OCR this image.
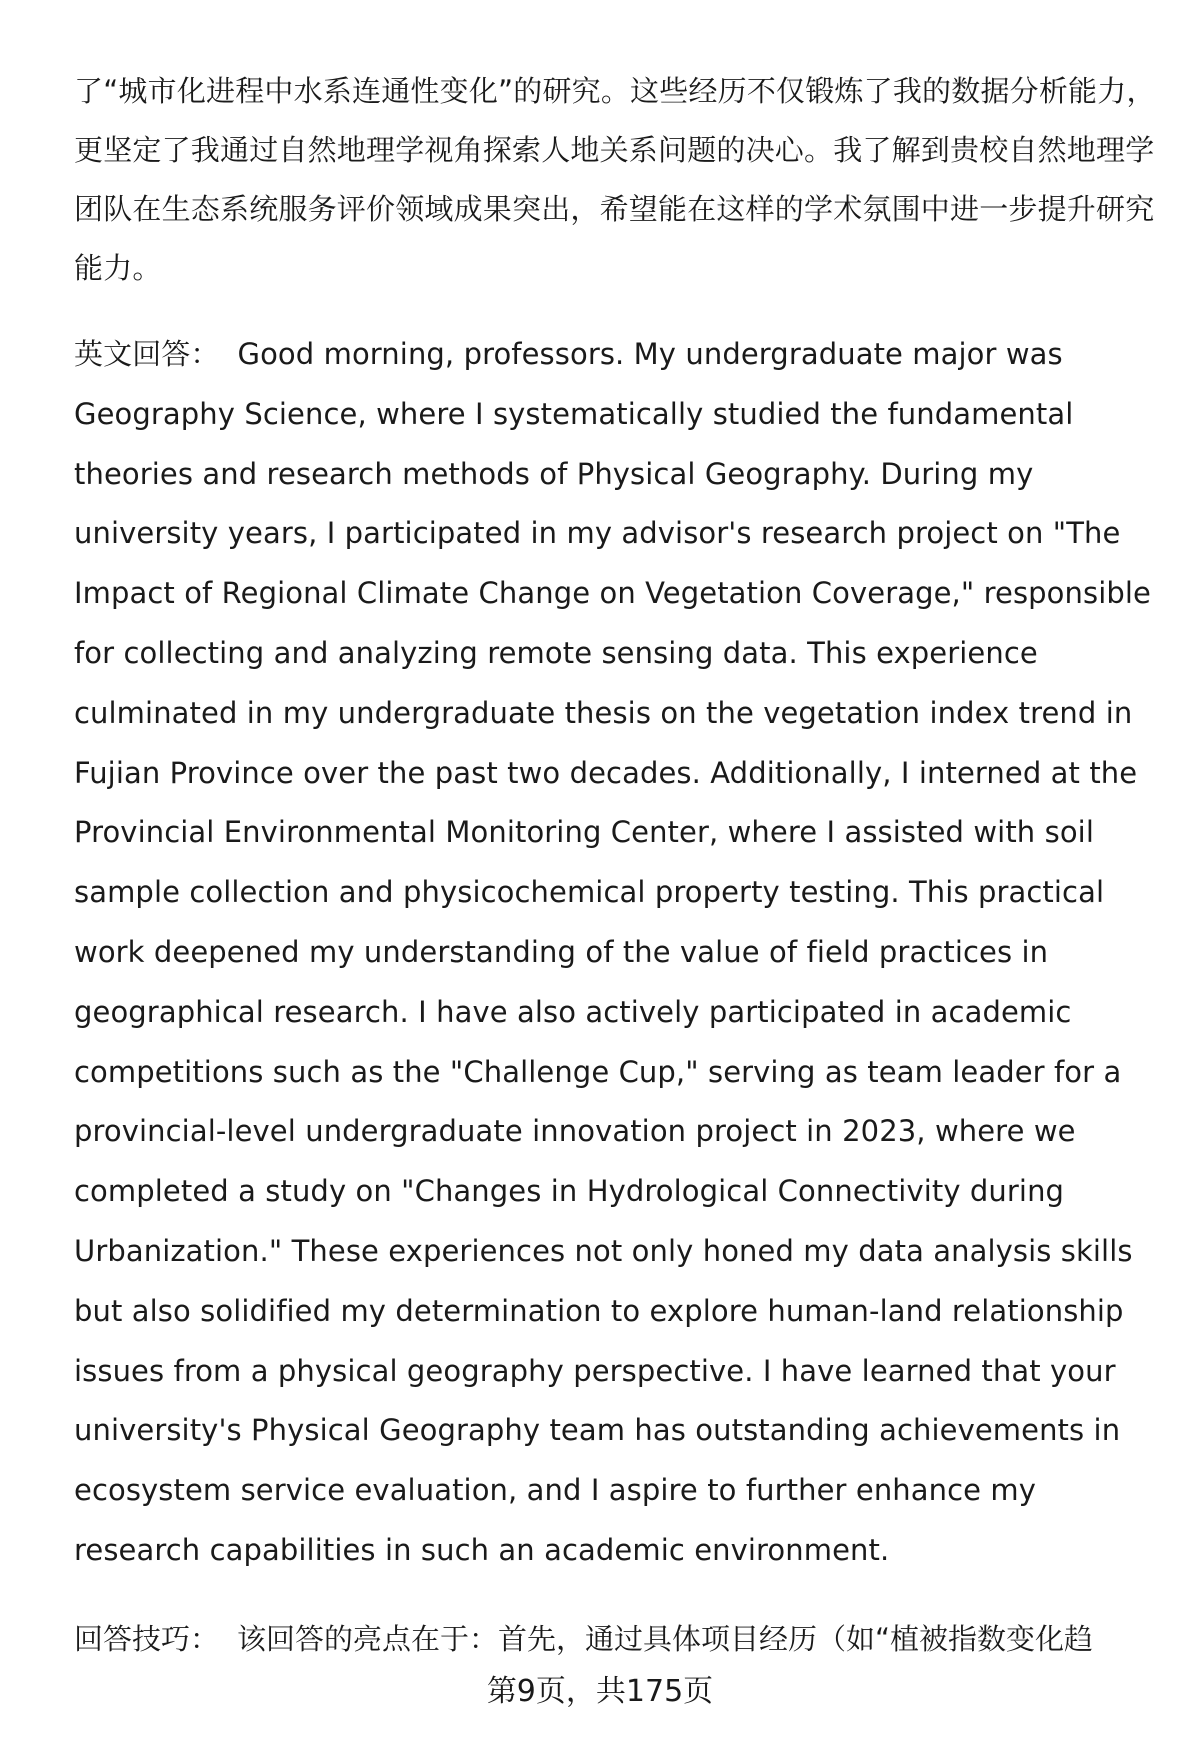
了“城市化进程中水系连通性变化”的研究。这些经历不仅锻炼了我的数据分析能力，更坚定了我通过自然地理学视角探索人地关系问题的决心。我了解到贵校自然地理学团队在生态系统服务评价领域成果突出，希望能在这样的学术氛围中进一步提升研究能力。

英文回答： Good morning, professors. My undergraduate major was Geography Science, where I systematically studied the fundamental theories and research methods of Physical Geography. During my university years, I participated in my advisor's research project on "The Impact of Regional Climate Change on Vegetation Coverage," responsible for collecting and analyzing remote sensing data. This experience culminated in my undergraduate thesis on the vegetation index trend in Fujian Province over the past two decades. Additionally, I interned at the Provincial Environmental Monitoring Center, where I assisted with soil sample collection and physicochemical property testing. This practical work deepened my understanding of the value of field practices in geographical research. I have also actively participated in academic competitions such as the "Challenge Cup," serving as team leader for a provincial-level undergraduate innovation project in 2023, where we completed a study on "Changes in Hydrological Connectivity during Urbanization." These experiences not only honed my data analysis skills but also solidified my determination to explore human-land relationship issues from a physical geography perspective. I have learned that your university's Physical Geography team has outstanding achievements in ecosystem service evaluation, and I aspire to further enhance my research capabilities in such an academic environment.

回答技巧： 该回答的亮点在于：首先，通过具体项目经历（如“植被指数变化趋

第9页，共175页
